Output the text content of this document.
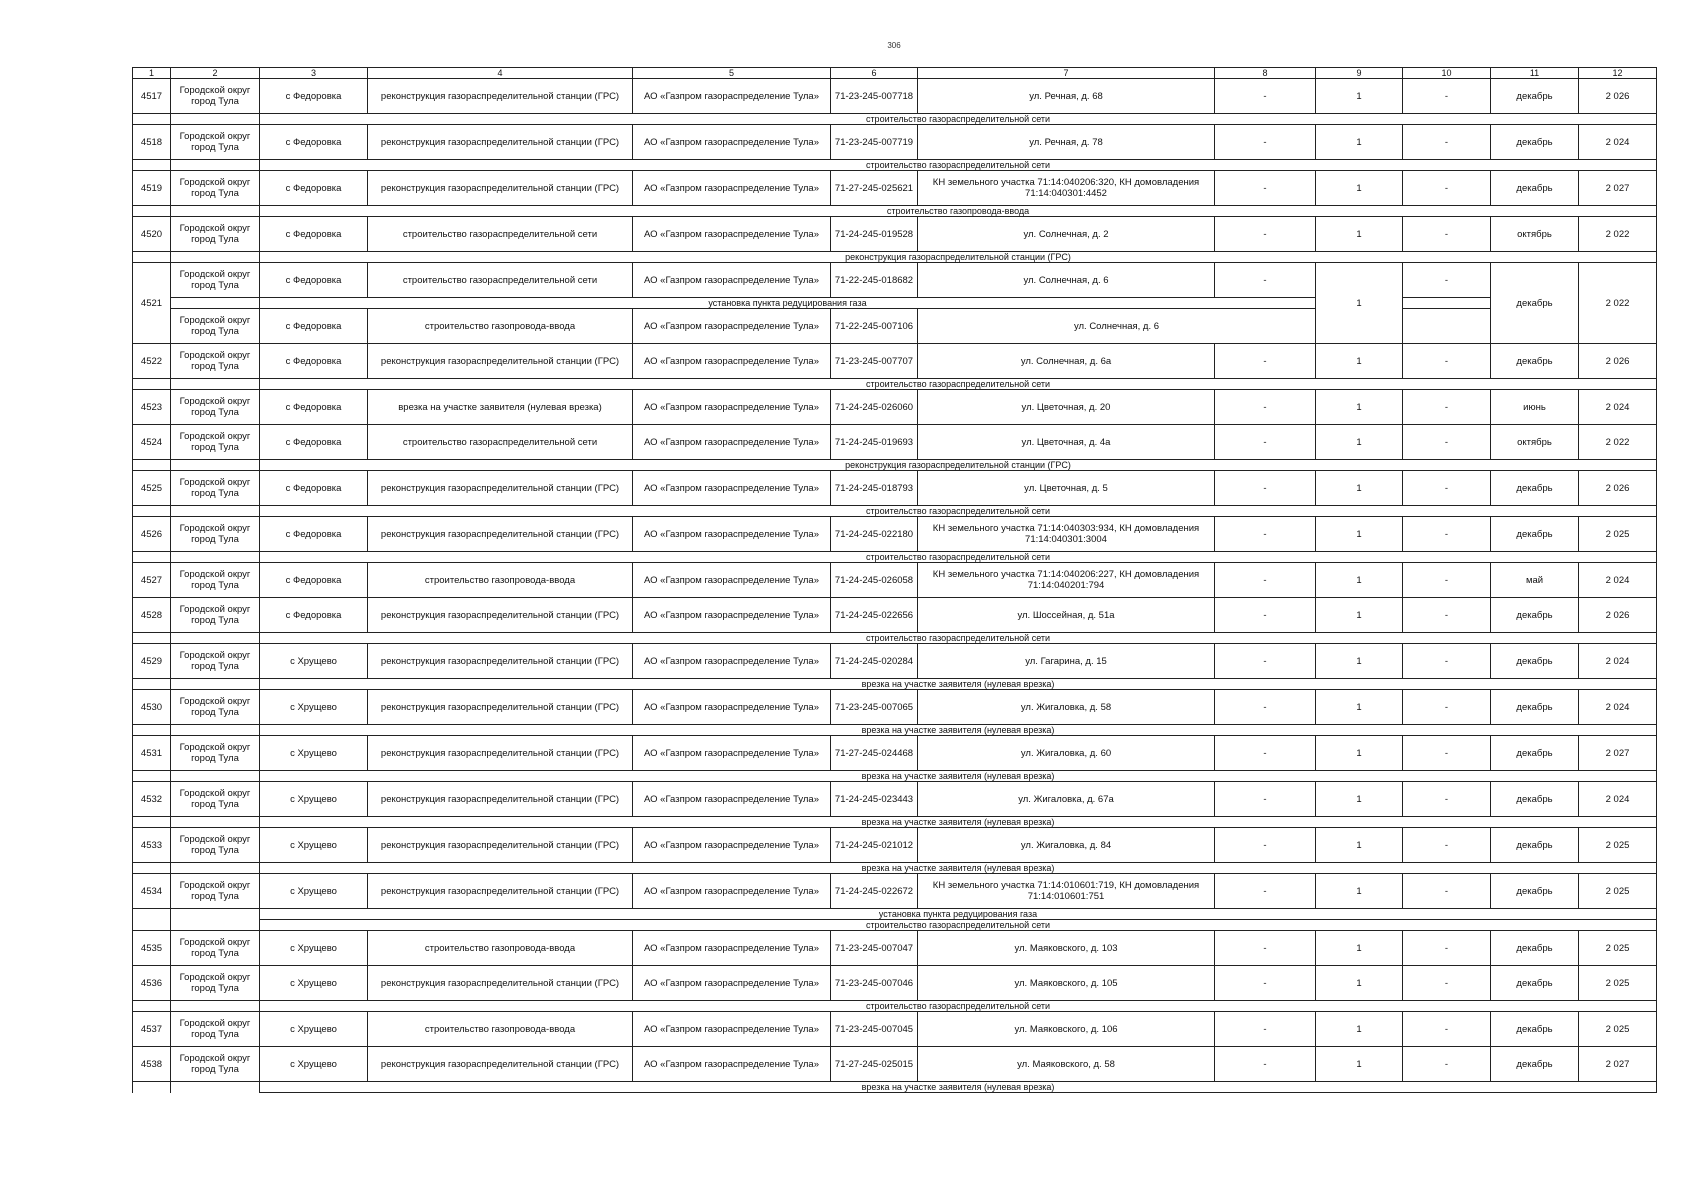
306
1	2	3	4	5	6	7	8	9	10	11	12
4517	Городской округ город Тула	с Федоровка	реконструкция газораспределительной станции (ГРС)	АО «Газпром газораспределение Тула»	71-23-245-007718	ул. Речная, д. 68	-	1	-	декабрь	2 026
		строительство газораспределительной сети									
4518	Городской округ город Тула	с Федоровка	реконструкция газораспределительной станции (ГРС)	АО «Газпром газораспределение Тула»	71-23-245-007719	ул. Речная, д. 78	-	1	-	декабрь	2 024
		строительство газораспределительной сети									
4519	Городской округ город Тула	с Федоровка	реконструкция газораспределительной станции (ГРС)	АО «Газпром газораспределение Тула»	71-27-245-025621	КН земельного участка 71:14:040206:320, КН домовладения 71:14:040301:4452	-	1	-	декабрь	2 027
		строительство газопровода-ввода									
4520	Городской округ город Тула	с Федоровка	строительство газораспределительной сети	АО «Газпром газораспределение Тула»	71-24-245-019528	ул. Солнечная, д. 2	-	1	-	октябрь	2 022
		реконструкция газораспределительной станции (ГРС)									
4521	Городской округ город Тула	с Федоровка	строительство газораспределительной сети	АО «Газпром газораспределение Тула»	71-22-245-018682	ул. Солнечная, д. 6	-	1	-	декабрь	2 022
		установка пункта редуцирования газа									
	Городской округ город Тула	с Федоровка	строительство газопровода-ввода	АО «Газпром газораспределение Тула»	71-22-245-007106	ул. Солнечная, д. 6					
4522	Городской округ город Тула	с Федоровка	реконструкция газораспределительной станции (ГРС)	АО «Газпром газораспределение Тула»	71-23-245-007707	ул. Солнечная, д. 6а	-	1	-	декабрь	2 026
		строительство газораспределительной сети									
4523	Городской округ город Тула	с Федоровка	врезка на участке заявителя (нулевая врезка)	АО «Газпром газораспределение Тула»	71-24-245-026060	ул. Цветочная, д. 20	-	1	-	июнь	2 024
4524	Городской округ город Тула	с Федоровка	строительство газораспределительной сети	АО «Газпром газораспределение Тула»	71-24-245-019693	ул. Цветочная, д. 4а	-	1	-	октябрь	2 022
		реконструкция газораспределительной станции (ГРС)									
4525	Городской округ город Тула	с Федоровка	реконструкция газораспределительной станции (ГРС)	АО «Газпром газораспределение Тула»	71-24-245-018793	ул. Цветочная, д. 5	-	1	-	декабрь	2 026
		строительство газораспределительной сети									
4526	Городской округ город Тула	с Федоровка	реконструкция газораспределительной станции (ГРС)	АО «Газпром газораспределение Тула»	71-24-245-022180	КН земельного участка 71:14:040303:934, КН домовладения 71:14:040301:3004	-	1	-	декабрь	2 025
		строительство газораспределительной сети									
4527	Городской округ город Тула	с Федоровка	строительство газопровода-ввода	АО «Газпром газораспределение Тула»	71-24-245-026058	КН земельного участка 71:14:040206:227, КН домовладения 71:14:040201:794	-	1	-	май	2 024
4528	Городской округ город Тула	с Федоровка	реконструкция газораспределительной станции (ГРС)	АО «Газпром газораспределение Тула»	71-24-245-022656	ул. Шоссейная, д. 51а	-	1	-	декабрь	2 026
		строительство газораспределительной сети									
4529	Городской округ город Тула	с Хрущево	реконструкция газораспределительной станции (ГРС)	АО «Газпром газораспределение Тула»	71-24-245-020284	ул. Гагарина, д. 15	-	1	-	декабрь	2 024
		врезка на участке заявителя (нулевая врезка)									
4530	Городской округ город Тула	с Хрущево	реконструкция газораспределительной станции (ГРС)	АО «Газпром газораспределение Тула»	71-23-245-007065	ул. Жигаловка, д. 58	-	1	-	декабрь	2 024
		врезка на участке заявителя (нулевая врезка)									
4531	Городской округ город Тула	с Хрущево	реконструкция газораспределительной станции (ГРС)	АО «Газпром газораспределение Тула»	71-27-245-024468	ул. Жигаловка, д. 60	-	1	-	декабрь	2 027
		врезка на участке заявителя (нулевая врезка)									
4532	Городской округ город Тула	с Хрущево	реконструкция газораспределительной станции (ГРС)	АО «Газпром газораспределение Тула»	71-24-245-023443	ул. Жигаловка, д. 67а	-	1	-	декабрь	2 024
		врезка на участке заявителя (нулевая врезка)									
4533	Городской округ город Тула	с Хрущево	реконструкция газораспределительной станции (ГРС)	АО «Газпром газораспределение Тула»	71-24-245-021012	ул. Жигаловка, д. 84	-	1	-	декабрь	2 025
		врезка на участке заявителя (нулевая врезка)									
4534	Городской округ город Тула	с Хрущево	реконструкция газораспределительной станции (ГРС)	АО «Газпром газораспределение Тула»	71-24-245-022672	КН земельного участка 71:14:010601:719, КН домовладения 71:14:010601:751	-	1	-	декабрь	2 025
		установка пункта редуцирования газа									
		строительство газораспределительной сети									
4535	Городской округ город Тула	с Хрущево	строительство газопровода-ввода	АО «Газпром газораспределение Тула»	71-23-245-007047	ул. Маяковского, д. 103	-	1	-	декабрь	2 025
4536	Городской округ город Тула	с Хрущево	реконструкция газораспределительной станции (ГРС)	АО «Газпром газораспределение Тула»	71-23-245-007046	ул. Маяковского, д. 105	-	1	-	декабрь	2 025
		строительство газораспределительной сети									
4537	Городской округ город Тула	с Хрущево	строительство газопровода-ввода	АО «Газпром газораспределение Тула»	71-23-245-007045	ул. Маяковского, д. 106	-	1	-	декабрь	2 025
4538	Городской округ город Тула	с Хрущево	реконструкция газораспределительной станции (ГРС)	АО «Газпром газораспределение Тула»	71-27-245-025015	ул. Маяковского, д. 58	-	1	-	декабрь	2 027
		врезка на участке заявителя (нулевая врезка)									
